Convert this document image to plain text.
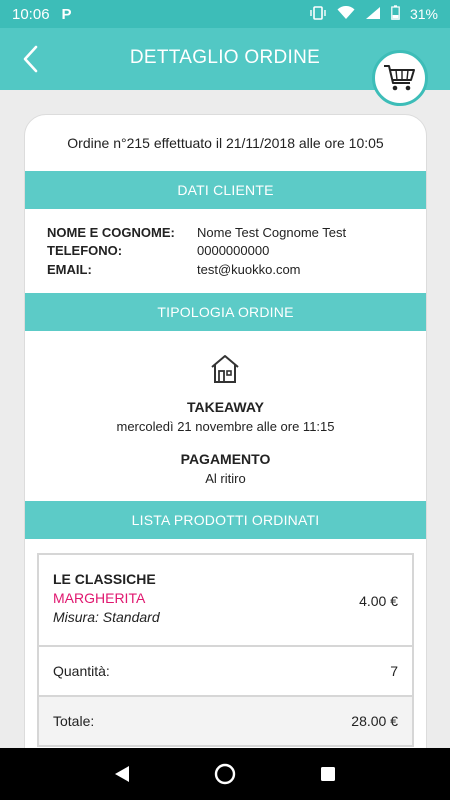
10:06 P	31%
DETTAGLIO ORDINE
Ordine n°215 effettuato il 21/11/2018 alle ore 10:05
DATI CLIENTE
NOME E COGNOME:	Nome Test Cognome Test
TELEFONO:	0000000000
EMAIL:	test@kuokko.com
TIPOLOGIA ORDINE
TAKEAWAY
mercoledì 21 novembre alle ore 11:15
PAGAMENTO
Al ritiro
LISTA PRODOTTI ORDINATI
LE CLASSICHE
MARGHERITA
Misura: Standard
4.00 €
Quantità:	7
Totale:	28.00 €
